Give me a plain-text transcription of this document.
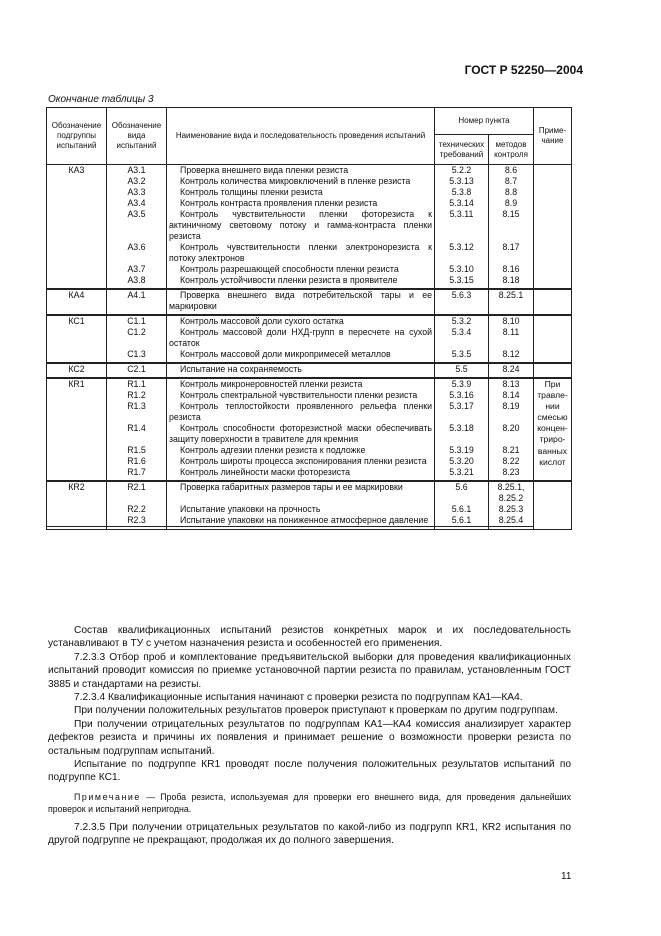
ГОСТ Р 52250—2004
Окончание таблицы 3
Обозначение подгруппы испытаний	Обозначение вида испытаний	Наименование вида и последовательность проведения испытаний	Номер пункта		Приме-чание
			технических требований	методов контроля	
КА3	А3.1	Проверка внешнего вида пленки резиста	5.2.2	8.6	
	А3.2	Контроль количества микровключений в пленке резиста	5.3.13	8.7	
	А3.3	Контроль толщины пленки резиста	5.3.8	8.8	
	А3.4	Контроль контраста проявления пленки резиста	5.3.14	8.9	
	А3.5	Контроль чувствительности пленки фоторезиста к актиничному световому потоку и гамма-контраста пленки резиста	5.3.11	8.15	
	А3.6	Контроль чувствительности пленки электронорезиста к потоку электронов	5.3.12	8.17	
	А3.7	Контроль разрешающей способности пленки резиста	5.3.10	8.16	
	А3.8	Контроль устойчивости пленки резиста в проявителе	5.3.15	8.18	

КА4	А4.1	Проверка внешнего вида потребительской тары и ее маркировки	5.6.3	8.25.1	

КС1	С1.1	Контроль массовой доли сухого остатка	5.3.2	8.10	
	С1.2	Контроль массовой доли НХД-групп в пересчете на сухой остаток	5.3.4	8.11	
	С1.3	Контроль массовой доли микропримесей металлов	5.3.5	8.12	

КС2	С2.1	Испытание на сохраняемость	5.5	8.24	

КR1	R1.1	Контроль микронеровностей пленки резиста	5.3.9	8.13	При травле-нии смесью концен-триро-ванных кислот
	R1.2	Контроль спектральной чувствительности пленки резиста	5.3.16	8.14	
	R1.3	Контроль теплостойкости проявленного рельефа пленки резиста	5.3.17	8.19	
	R1.4	Контроль способности фоторезистной маски обеспечивать защиту поверхности в травителе для кремния	5.3.18	8.20	
	R1.5	Контроль адгезии пленки резиста к подложке	5.3.19	8.21	
	R1.6	Контроль широты процесса экспонирования пленки резиста	5.3.20	8.22	
	R1.7	Контроль линейности маски фоторезиста	5.3.21	8.23	

КR2	R2.1	Проверка габаритных размеров тары и ее маркировки	5.6	8.25.1, 8.25.2	
	R2.2	Испытание упаковки на прочность	5.6.1	8.25.3	
	R2.3	Испытание упаковки на пониженное атмосферное давление	5.6.1	8.25.4	

Состав квалификационных испытаний резистов конкретных марок и их последовательность устанавливают в ТУ с учетом назначения резиста и особенностей его применения.

7.2.3.3 Отбор проб и комплектование предъявительской выборки для проведения квалификационных испытаний проводит комиссия по приемке установочной партии резиста по правилам, установленным ГОСТ 3885 и стандартами на резисты.

7.2.3.4 Квалификационные испытания начинают с проверки резиста по подгруппам КА1—КА4.

При получении положительных результатов проверок приступают к проверкам по другим подгруппам.

При получении отрицательных результатов по подгруппам КА1—КА4 комиссия анализирует характер дефектов резиста и причины их появления и принимает решение о возможности проверки резиста по остальным подгруппам испытаний.

Испытание по подгруппе КR1 проводят после получения положительных результатов испытаний по подгруппе КС1.

Примечание — Проба резиста, используемая для проверки его внешнего вида, для проведения дальнейших проверок и испытаний непригодна.

7.2.3.5 При получении отрицательных результатов по какой-либо из подгрупп КR1, КR2 испытания по другой подгруппе не прекращают, продолжая их до полного завершения.

11
